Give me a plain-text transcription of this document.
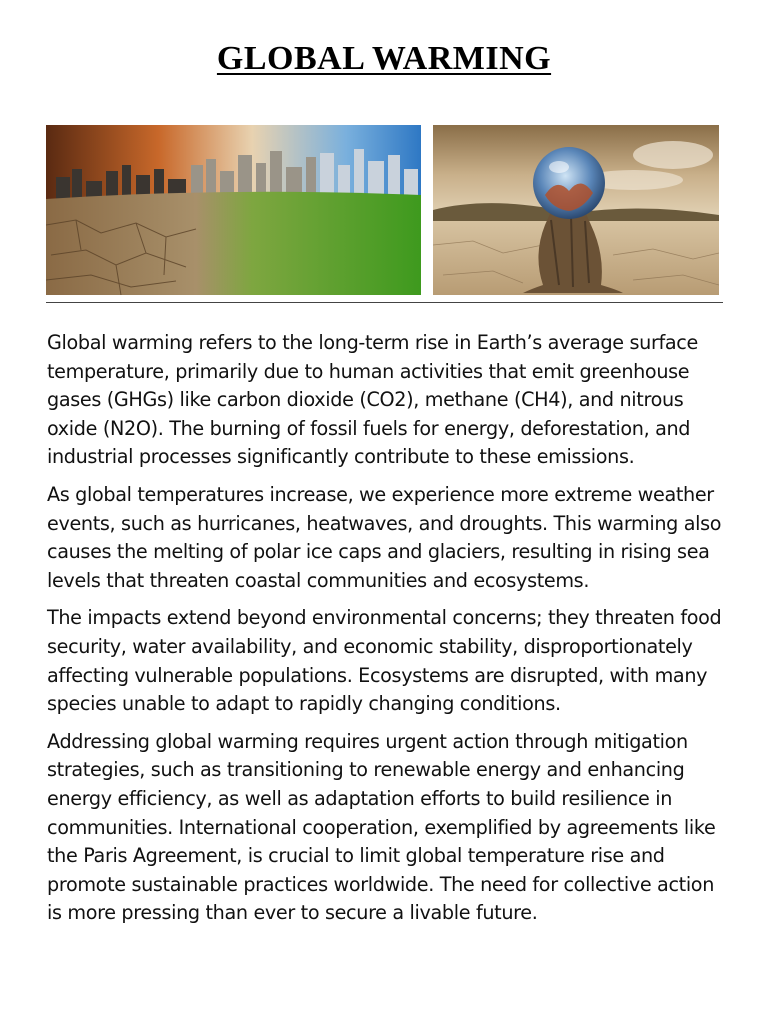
GLOBAL WARMING

Global warming refers to the long-term rise in Earth’s average surface temperature, primarily due to human activities that emit greenhouse gases (GHGs) like carbon dioxide (CO2), methane (CH4), and nitrous oxide (N2O). The burning of fossil fuels for energy, deforestation, and industrial processes significantly contribute to these emissions.

As global temperatures increase, we experience more extreme weather events, such as hurricanes, heatwaves, and droughts. This warming also causes the melting of polar ice caps and glaciers, resulting in rising sea levels that threaten coastal communities and ecosystems.

The impacts extend beyond environmental concerns; they threaten food security, water availability, and economic stability, disproportionately affecting vulnerable populations. Ecosystems are disrupted, with many species unable to adapt to rapidly changing conditions.

Addressing global warming requires urgent action through mitigation strategies, such as transitioning to renewable energy and enhancing energy efficiency, as well as adaptation efforts to build resilience in communities. International cooperation, exemplified by agreements like the Paris Agreement, is crucial to limit global temperature rise and promote sustainable practices worldwide. The need for collective action is more pressing than ever to secure a livable future.
